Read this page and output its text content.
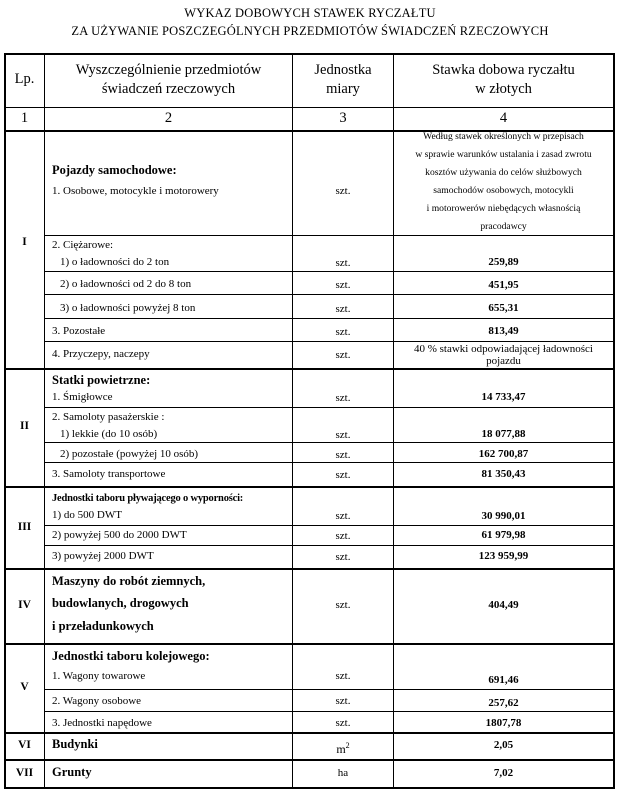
WYKAZ DOBOWYCH STAWEK RYCZAŁTU
ZA UŻYWANIE POSZCZEGÓLNYCH PRZEDMIOTÓW ŚWIADCZEŃ RZECZOWYCH
Lp.
Wyszczególnienie przedmiotów
świadczeń rzeczowych
Jednostka
miary
Stawka dobowa ryczałtu
w złotych
1	2	3	4
I
Pojazdy samochodowe:
1. Osobowe, motocykle i motorowery	szt.
Według stawek określonych w przepisach
w sprawie warunków ustalania i zasad zwrotu
kosztów używania do celów służbowych
samochodów osobowych, motocykli
i motorowerów niebędących własnością
pracodawcy
2. Ciężarowe:
1) o ładowności do 2 ton	szt.	259,89
2) o ładowności od 2 do 8 ton	szt.	451,95
3) o ładowności powyżej 8 ton	szt.	655,31
3. Pozostałe	szt.	813,49
4. Przyczepy, naczepy	szt.	40 % stawki odpowiadającej ładowności
pojazdu
II
Statki powietrzne:
1. Śmigłowce	szt.	14 733,47
2. Samoloty pasażerskie :
1) lekkie (do 10 osób)	szt.	18 077,88
2) pozostałe (powyżej 10 osób)	szt.	162 700,87
3. Samoloty transportowe	szt.	81 350,43
III
Jednostki taboru pływającego o wyporności:
1) do 500 DWT	szt.	30 990,01
2) powyżej 500 do 2000 DWT	szt.	61 979,98
3) powyżej 2000 DWT	szt.	123 959,99
IV
Maszyny do robót ziemnych,
budowlanych, drogowych
i przeładunkowych
szt.	404,49
V
Jednostki taboru kolejowego:
1. Wagony towarowe	szt.	691,46
2. Wagony osobowe	szt.	257,62
3. Jednostki napędowe	szt.	1807,78
VI	Budynki	$m^2$	2,05
VII	Grunty	ha	7,02
